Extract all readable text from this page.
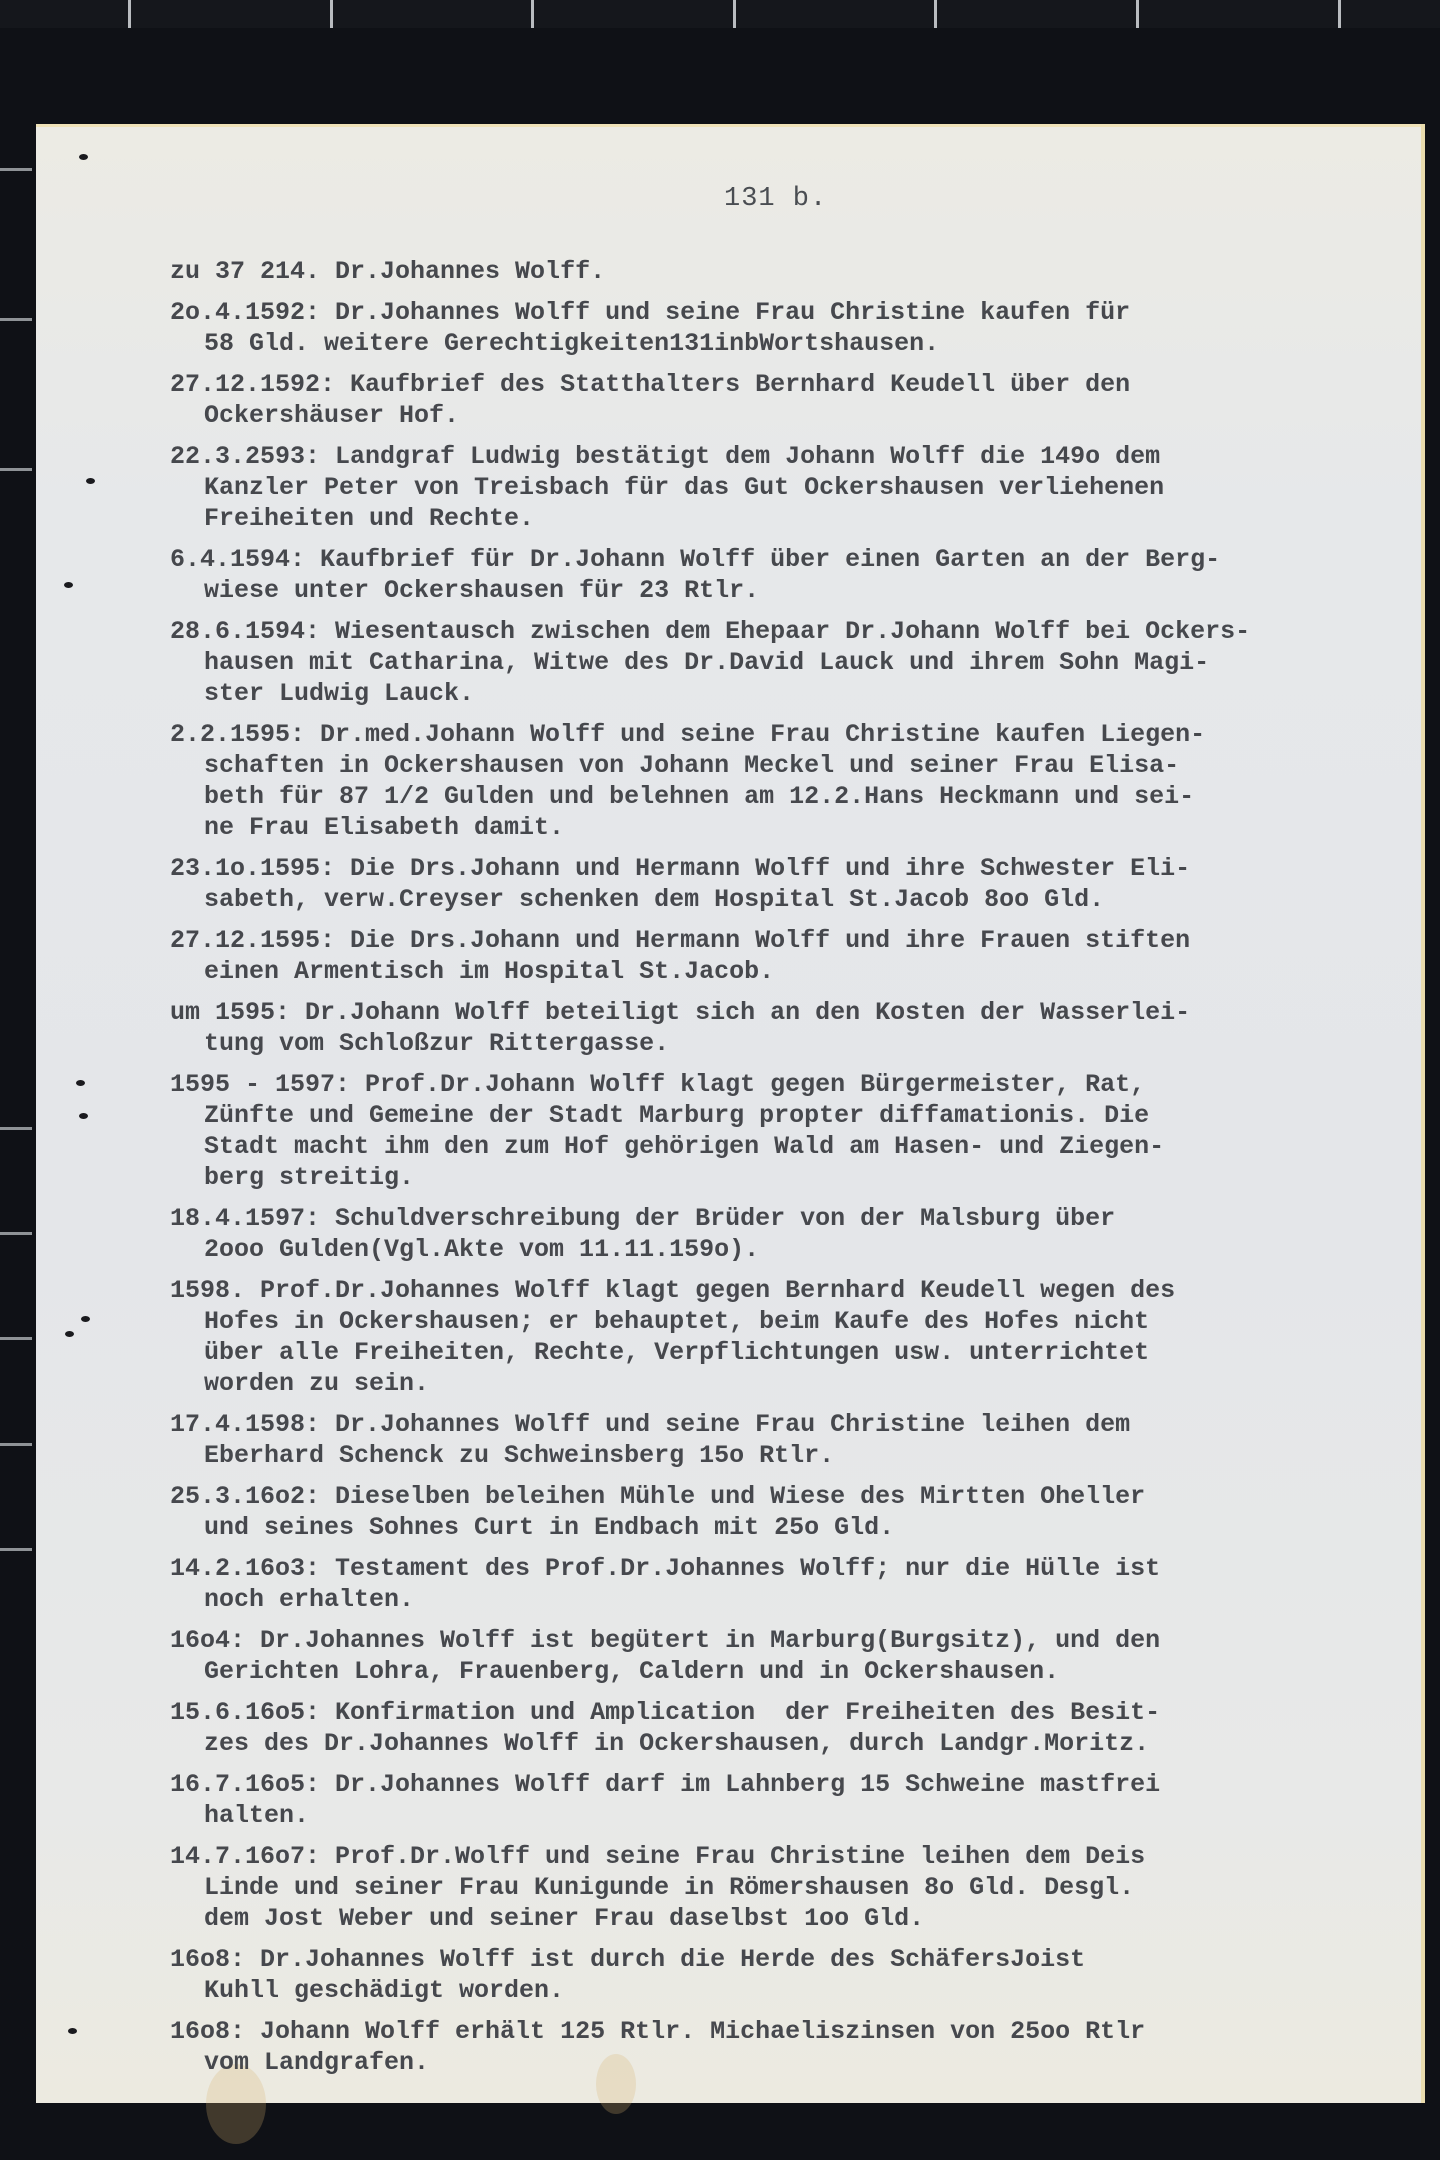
131 b.
zu 37 214. Dr.Johannes Wolff.
2o.4.1592: Dr.Johannes Wolff und seine Frau Christine kaufen für
58 Gld. weitere Gerechtigkeiten131inbWortshausen.
27.12.1592: Kaufbrief des Statthalters Bernhard Keudell über den
Ockershäuser Hof.
22.3.2593: Landgraf Ludwig bestätigt dem Johann Wolff die 149o dem
Kanzler Peter von Treisbach für das Gut Ockershausen verliehenen
Freiheiten und Rechte.
6.4.1594: Kaufbrief für Dr.Johann Wolff über einen Garten an der Berg-
wiese unter Ockershausen für 23 Rtlr.
28.6.1594: Wiesentausch zwischen dem Ehepaar Dr.Johann Wolff bei Ockers-
hausen mit Catharina, Witwe des Dr.David Lauck und ihrem Sohn Magi-
ster Ludwig Lauck.
2.2.1595: Dr.med.Johann Wolff und seine Frau Christine kaufen Liegen-
schaften in Ockershausen von Johann Meckel und seiner Frau Elisa-
beth für 87 1/2 Gulden und belehnen am 12.2.Hans Heckmann und sei-
ne Frau Elisabeth damit.
23.1o.1595: Die Drs.Johann und Hermann Wolff und ihre Schwester Eli-
sabeth, verw.Creyser schenken dem Hospital St.Jacob 8oo Gld.
27.12.1595: Die Drs.Johann und Hermann Wolff und ihre Frauen stiften
einen Armentisch im Hospital St.Jacob.
um 1595: Dr.Johann Wolff beteiligt sich an den Kosten der Wasserlei-
tung vom Schloßzur Rittergasse.
1595 - 1597: Prof.Dr.Johann Wolff klagt gegen Bürgermeister, Rat,
Zünfte und Gemeine der Stadt Marburg propter diffamationis. Die
Stadt macht ihm den zum Hof gehörigen Wald am Hasen- und Ziegen-
berg streitig.
18.4.1597: Schuldverschreibung der Brüder von der Malsburg über
2ooo Gulden(Vgl.Akte vom 11.11.159o).
1598. Prof.Dr.Johannes Wolff klagt gegen Bernhard Keudell wegen des
Hofes in Ockershausen; er behauptet, beim Kaufe des Hofes nicht
über alle Freiheiten, Rechte, Verpflichtungen usw. unterrichtet
worden zu sein.
17.4.1598: Dr.Johannes Wolff und seine Frau Christine leihen dem
Eberhard Schenck zu Schweinsberg 15o Rtlr.
25.3.16o2: Dieselben beleihen Mühle und Wiese des Mirtten Oheller
und seines Sohnes Curt in Endbach mit 25o Gld.
14.2.16o3: Testament des Prof.Dr.Johannes Wolff; nur die Hülle ist
noch erhalten.
16o4: Dr.Johannes Wolff ist begütert in Marburg(Burgsitz), und den
Gerichten Lohra, Frauenberg, Caldern und in Ockershausen.
15.6.16o5: Konfirmation und Amplication  der Freiheiten des Besit-
zes des Dr.Johannes Wolff in Ockershausen, durch Landgr.Moritz.
16.7.16o5: Dr.Johannes Wolff darf im Lahnberg 15 Schweine mastfrei
halten.
14.7.16o7: Prof.Dr.Wolff und seine Frau Christine leihen dem Deis
Linde und seiner Frau Kunigunde in Römershausen 8o Gld. Desgl.
dem Jost Weber und seiner Frau daselbst 1oo Gld.
16o8: Dr.Johannes Wolff ist durch die Herde des SchäfersJoist
Kuhll geschädigt worden.
16o8: Johann Wolff erhält 125 Rtlr. Michaeliszinsen von 25oo Rtlr
vom Landgrafen.
